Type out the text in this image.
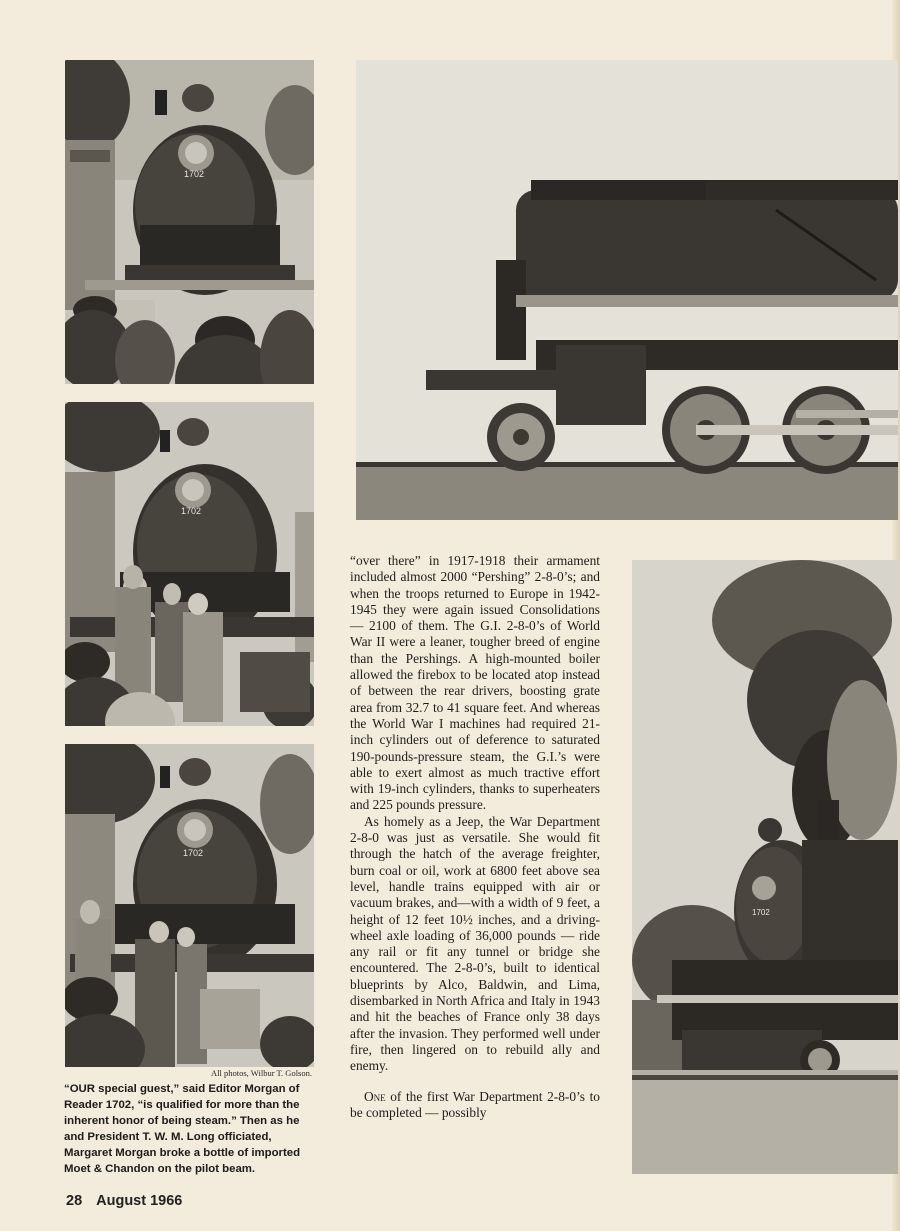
1702
1702
1702
1702
All photos, Wilbur T. Golson.
“OUR special guest,” said Editor Morgan of Reader 1702, “is qualified for more than the inherent honor of being steam.” Then as he and President T. W. M. Long officiated, Margaret Morgan broke a bottle of imported Moet & Chandon on the pilot beam.

“over there” in 1917-1918 their armament included almost 2000 “Pershing” 2-8-0’s; and when the troops returned to Europe in 1942-1945 they were again issued Consolidations — 2100 of them. The G.I. 2-8-0’s of World War II were a leaner, tougher breed of engine than the Pershings. A high-mounted boiler allowed the firebox to be located atop instead of between the rear drivers, boosting grate area from 32.7 to 41 square feet. And whereas the World War I machines had required 21-inch cylinders out of deference to saturated 190-pounds-pressure steam, the G.I.’s were able to exert almost as much tractive effort with 19-inch cylinders, thanks to superheaters and 225 pounds pressure.

As homely as a Jeep, the War Department 2-8-0 was just as versatile. She would fit through the hatch of the average freighter, burn coal or oil, work at 6800 feet above sea level, handle trains equipped with air or vacuum brakes, and—with a width of 9 feet, a height of 12 feet 10½ inches, and a driving-wheel axle loading of 36,000 pounds — ride any rail or fit any tunnel or bridge she encountered. The 2-8-0’s, built to identical blueprints by Alco, Baldwin, and Lima, disembarked in North Africa and Italy in 1943 and hit the beaches of France only 38 days after the invasion. They performed well under fire, then lingered on to rebuild ally and enemy.

One of the first War Department 2-8-0’s to be completed — possibly

28 August 1966
